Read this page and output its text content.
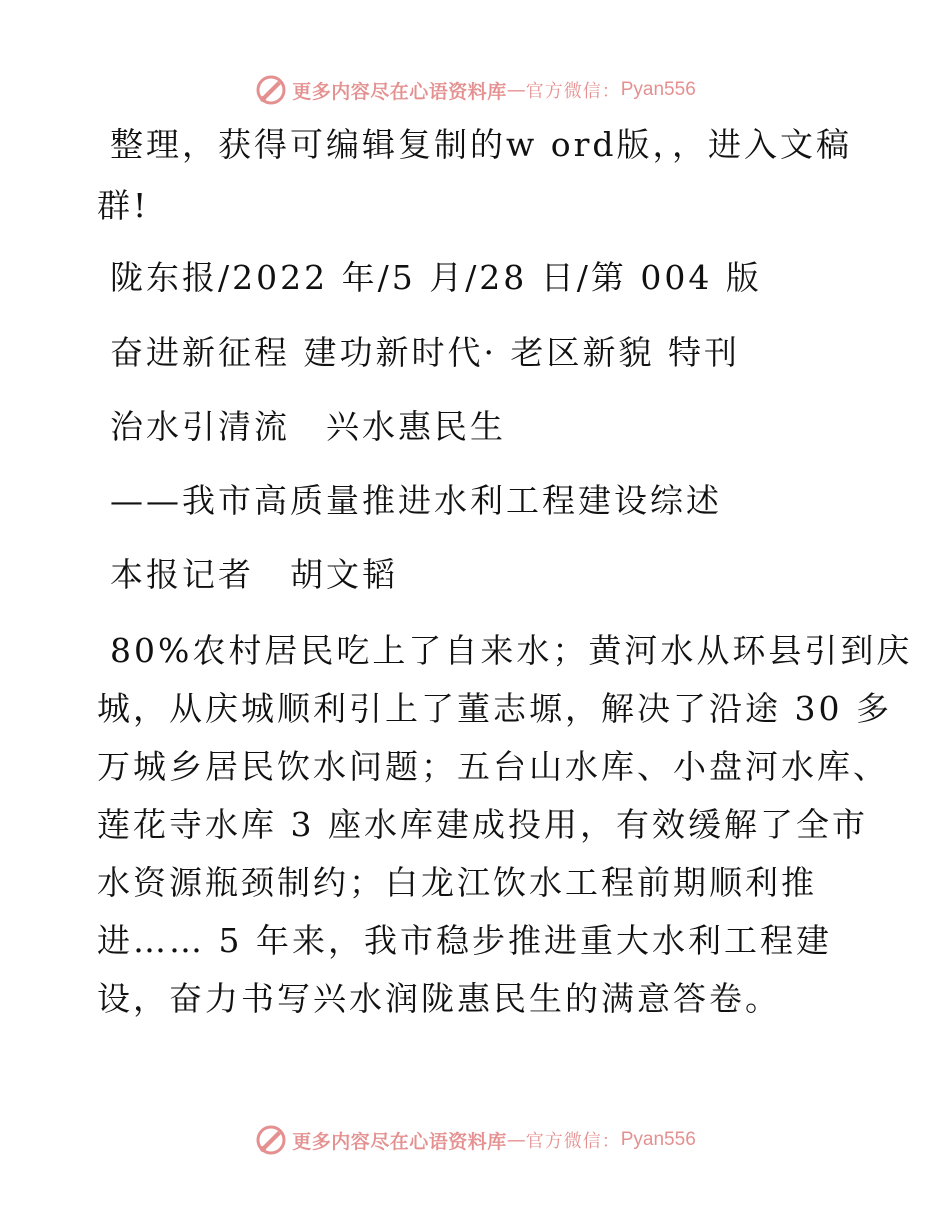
更多内容尽在心语资料库 — 官方微信： Pyan556
整理，获得可编辑复制的w ord版，，进入文稿
群!
陇东报/2022 年/5 月/28 日/第 004 版
奋进新征程 建功新时代· 老区新貌 特刊
治水引清流　兴水惠民生
——我市高质量推进水利工程建设综述
本报记者　胡文韬
80%农村居民吃上了自来水；黄河水从环县引到庆
城，从庆城顺利引上了董志塬，解决了沿途 30 多
万城乡居民饮水问题；五台山水库、小盘河水库、
莲花寺水库 3 座水库建成投用，有效缓解了全市
水资源瓶颈制约；白龙江饮水工程前期顺利推
进…… 5 年来，我市稳步推进重大水利工程建
设，奋力书写兴水润陇惠民生的满意答卷。
更多内容尽在心语资料库 — 官方微信： Pyan556
